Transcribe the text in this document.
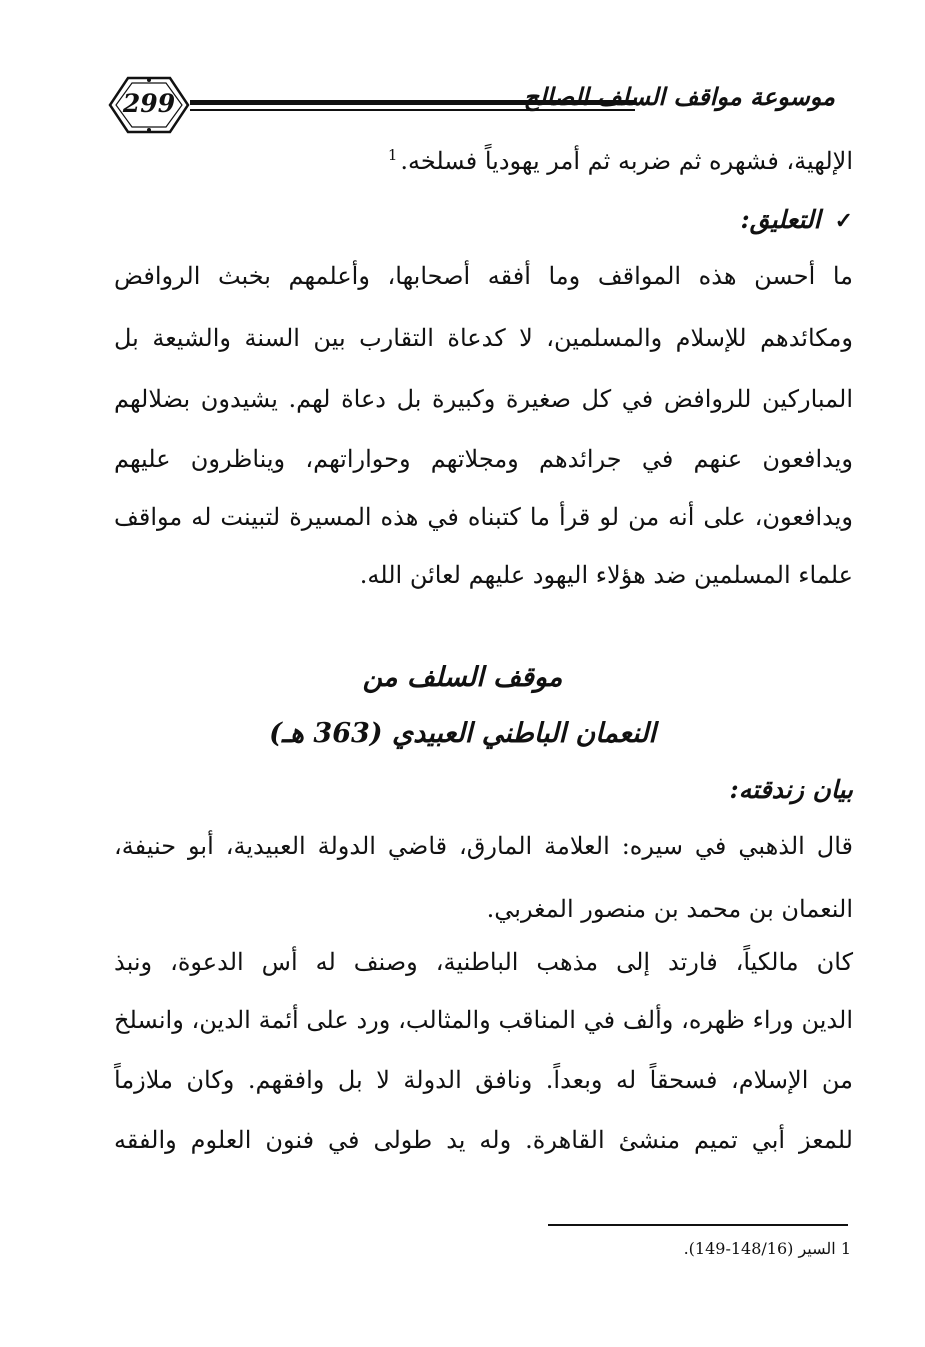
299	موسوعة مواقف السلف الصالح
الإلهية، فشهره ثم ضربه ثم أمر يهودياً فسلخه.$^1$
✓التعليق:
ما أحسن هذه المواقف وما أفقه أصحابها، وأعلمهم بخبث الروافض
ومكائدهم للإسلام والمسلمين، لا كدعاة التقارب بين السنة والشيعة بل
المباركين للروافض في كل صغيرة وكبيرة بل دعاة لهم. يشيدون بضلالهم
ويدافعون عنهم في جرائدهم ومجلاتهم وحواراتهم، ويناظرون عليهم
ويدافعون، على أنه من لو قرأ ما كتبناه في هذه المسيرة لتبينت له مواقف
علماء المسلمين ضد هؤلاء اليهود عليهم لعائن الله.
موقف السلف من
النعمان الباطني العبيدي (363 هـ)
بيان زندقته:
قال الذهبي في سيره: العلامة المارق، قاضي الدولة العبيدية، أبو حنيفة،
النعمان بن محمد بن منصور المغربي.
كان مالكياً، فارتد إلى مذهب الباطنية، وصنف له أس الدعوة، ونبذ
الدين وراء ظهره، وألف في المناقب والمثالب، ورد على أئمة الدين، وانسلخ
من الإسلام، فسحقاً له وبعداً. ونافق الدولة لا بل وافقهم. وكان ملازماً
للمعز أبي تميم منشئ القاهرة. وله يد طولى في فنون العلوم والفقه
1 السير (148/16-149).
